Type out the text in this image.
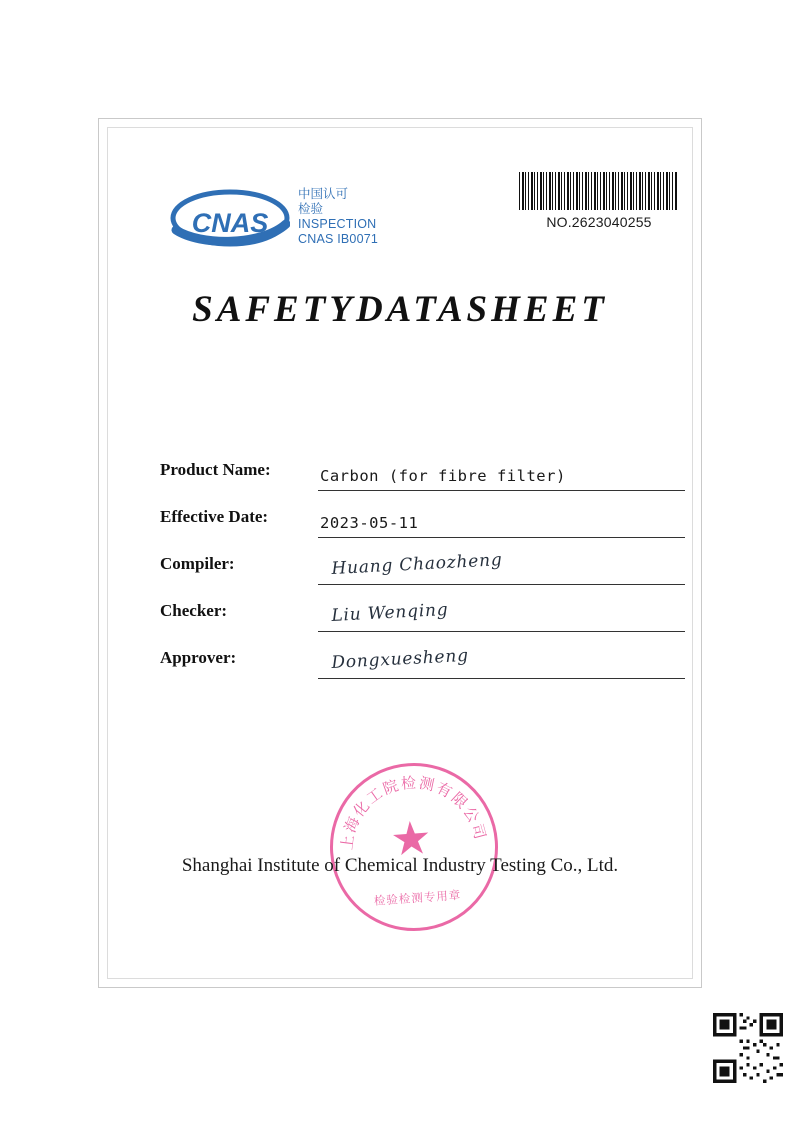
CNAS
中国认可
检验
INSPECTION
CNAS IB0071
NO.2623040255
SAFETYDATASHEET
Product Name:	Carbon (for fibre filter)
Effective Date:	2023-05-11
Compiler:	Huang Chaozheng
Checker:	Liu Wenqing
Approver:	Dongxuesheng
上海化工院检测有限公司
检验检测专用章
Shanghai Institute of Chemical Industry Testing Co., Ltd.
